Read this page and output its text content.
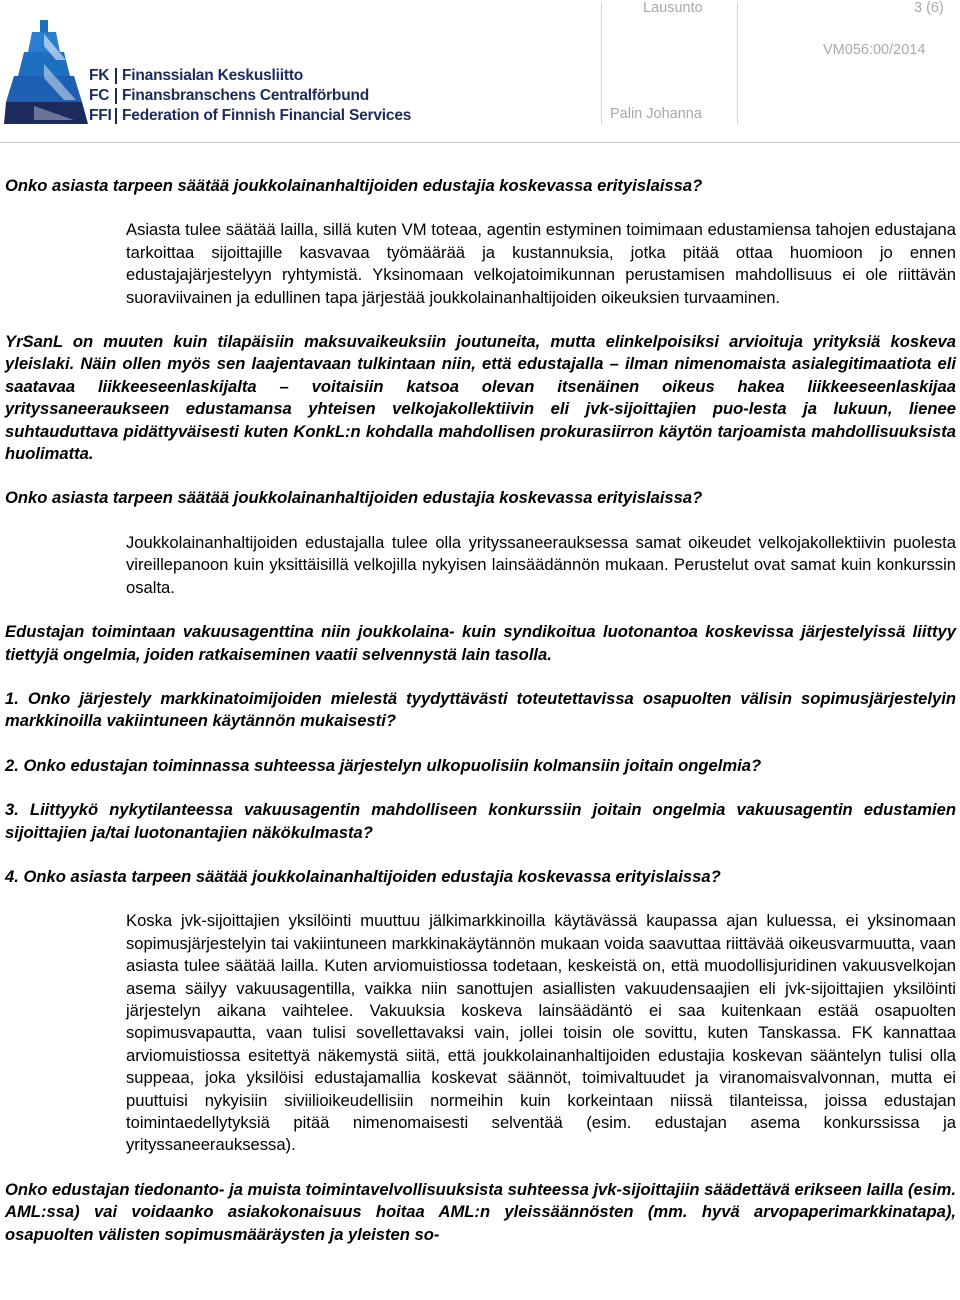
FK Finanssialan Keskusliitto
FC Finansbranschens Centralförbund
FFI Federation of Finnish Financial Services
Lausunto	3 (6)
VM056:00/2014
Palin Johanna

Onko asiasta tarpeen säätää joukkolainanhaltijoiden edustajia koskevassa erityislaissa?

Asiasta tulee säätää lailla, sillä kuten VM toteaa, agentin estyminen toimimaan edustamiensa tahojen edustajana tarkoittaa sijoittajille kasvavaa työmäärää ja kustannuksia, jotka pitää ottaa huomioon jo ennen edustajajärjestelyyn ryhtymistä. Yksinomaan velkojatoimikunnan perustamisen mahdollisuus ei ole riittävän suoraviivainen ja edullinen tapa järjestää joukkolainanhaltijoiden oikeuksien turvaaminen.

YrSanL on muuten kuin tilapäisiin maksuvaikeuksiin joutuneita, mutta elinkelpoisiksi arvioituja yrityksiä koskeva yleislaki. Näin ollen myös sen laajentavaan tulkintaan niin, että edustajalla – ilman nimenomaista asialegitimaatiota eli saatavaa liikkeeseenlaskijalta – voitaisiin katsoa olevan itsenäinen oikeus hakea liikkeeseenlaskijaa yrityssaneeraukseen edustamansa yhteisen velkojakollektiivin eli jvk-sijoittajien puo-lesta ja lukuun, lienee suhtauduttava pidättyväisesti kuten KonkL:n kohdalla mahdollisen prokurasiirron käytön tarjoamista mahdollisuuksista huolimatta.

Onko asiasta tarpeen säätää joukkolainanhaltijoiden edustajia koskevassa erityislaissa?

Joukkolainanhaltijoiden edustajalla tulee olla yrityssaneerauksessa samat oikeudet velkojakollektiivin puolesta vireillepanoon kuin yksittäisillä velkojilla nykyisen lainsäädännön mukaan. Perustelut ovat samat kuin konkurssin osalta.

Edustajan toimintaan vakuusagenttina niin joukkolaina- kuin syndikoitua luotonantoa koskevissa järjestelyissä liittyy tiettyjä ongelmia, joiden ratkaiseminen vaatii selvennystä lain tasolla.

1. Onko järjestely markkinatoimijoiden mielestä tyydyttävästi toteutettavissa osapuolten välisin sopimusjärjestelyin markkinoilla vakiintuneen käytännön mukaisesti?

2. Onko edustajan toiminnassa suhteessa järjestelyn ulkopuolisiin kolmansiin joitain ongelmia?

3. Liittyykö nykytilanteessa vakuusagentin mahdolliseen konkurssiin joitain ongelmia vakuusagentin edustamien sijoittajien ja/tai luotonantajien näkökulmasta?

4. Onko asiasta tarpeen säätää joukkolainanhaltijoiden edustajia koskevassa erityislaissa?

Koska jvk-sijoittajien yksilöinti muuttuu jälkimarkkinoilla käytävässä kaupassa ajan kuluessa, ei yksinomaan sopimusjärjestelyin tai vakiintuneen markkinakäytännön mukaan voida saavuttaa riittävää oikeusvarmuutta, vaan asiasta tulee säätää lailla. Kuten arviomuistiossa todetaan, keskeistä on, että muodollisjuridinen vakuusvelkojan asema säilyy vakuusagentilla, vaikka niin sanottujen asiallisten vakuudensaajien eli jvk-sijoittajien yksilöinti järjestelyn aikana vaihtelee. Vakuuksia koskeva lainsäädäntö ei saa kuitenkaan estää osapuolten sopimusvapautta, vaan tulisi sovellettavaksi vain, jollei toisin ole sovittu, kuten Tanskassa. FK kannattaa arviomuistiossa esitettyä näkemystä siitä, että joukkolainanhaltijoiden edustajia koskevan sääntelyn tulisi olla suppeaa, joka yksilöisi edustajamallia koskevat säännöt, toimivaltuudet ja viranomaisvalvonnan, mutta ei puuttuisi nykyisiin siviilioikeudellisiin normeihin kuin korkeintaan niissä tilanteissa, joissa edustajan toimintaedellytyksiä pitää nimenomaisesti selventää (esim. edustajan asema konkurssissa ja yrityssaneerauksessa).

Onko edustajan tiedonanto- ja muista toimintavelvollisuuksista suhteessa jvk-sijoittajiin säädettävä erikseen lailla (esim. AML:ssa) vai voidaanko asiakokonaisuus hoitaa AML:n yleissäännösten (mm. hyvä arvopaperimarkkinatapa), osapuolten välisten sopimusmääräysten ja yleisten so-
